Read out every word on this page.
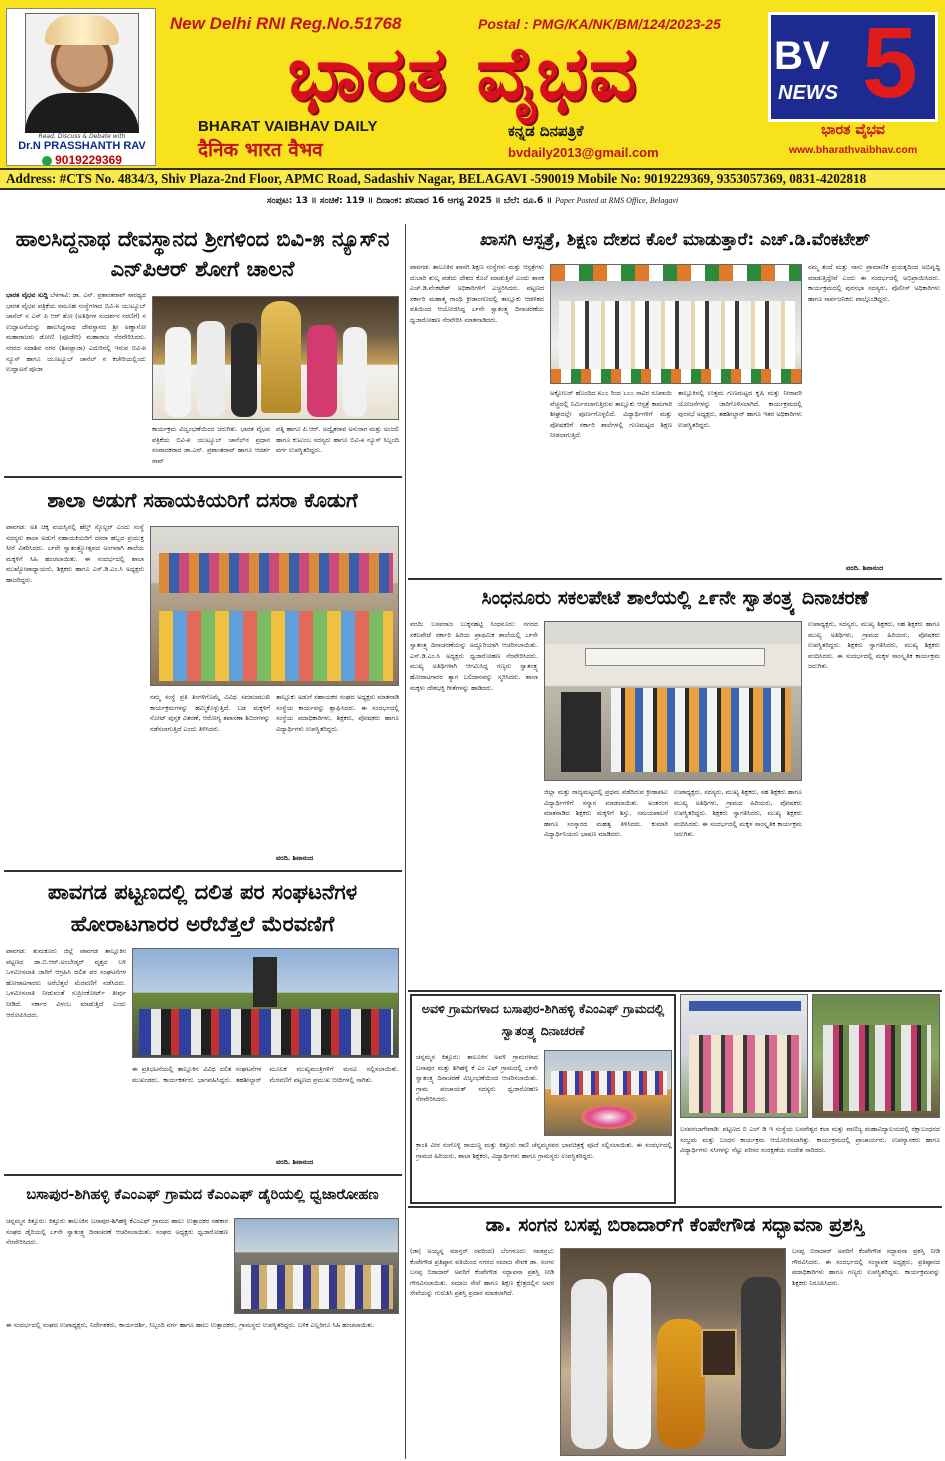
Read, Discuss & Debate with
Dr.N PRASSHANTH RAV
9019229369
New Delhi RNI Reg.No.51768	Postal : PMG/KA/NK/BM/124/2023-25
ಭಾರತ ವೈಭವ
BHARAT VAIBHAV DAILY
दैनिक भारत वैभव
ಕನ್ನಡ ದಿನಪತ್ರಿಕೆ
bvdaily2013@gmail.com
BV 5
NEWS
ಭಾರತ ವೈಭವ
www.bharathvaibhav.com
Address: #CTS No. 4834/3, Shiv Plaza-2nd Floor, APMC Road, Sadashiv Nagar, BELAGAVI -590019 Mobile No: 9019229369, 9353057369, 0831-4202818
ಸಂಪುಟ: 13 ॥ ಸಂಚಿಕೆ: 119 ॥ ದಿನಾಂಕ: ಶನಿವಾರ 16 ಆಗಸ್ಟ 2025 ॥ ಬೆಲೆ: ರೂ.6 ॥ Paper Posted at RMS Office, Belagavi
ಹಾಲಸಿದ್ದನಾಥ ದೇವಸ್ಥಾನದ ಶ್ರೀಗಳಿಂದ ಬಿವಿ-೫ ನ್ಯೂಸ್‌ನ ಎನ್‌ಪಿಆರ್ ಶೋಗೆ ಚಾಲನೆ
ಭಾರತ ವೈಭವ ಸುದ್ದಿ ಬೆಳಗಾವಿ: ಡಾ. ಎನ್. ಪ್ರಶಾಂತರಾವ್ ಸಾರಥ್ಯದ ಭಾರತ ವೈಭವ ಪತ್ರಿಕೆಯ ಸಮೂಹ ಸಂಸ್ಥೆಗಳಾದ ಬಿವಿ-೫ ಯುಟ್ಯೂಬ್ ಚಾನೆಲ್ ನ ಎನ್ ಪಿ ಆರ್ ಶೋ (ಅತಿಥಿಗಳ ಸಂದರ್ಶನ ಸರಣಿಗೆ) ನ ಉದ್ಘಾಟನೆಯನ್ನು ಹಾಲಸಿದ್ಧನಾಥ ದೇವಸ್ಥಾನದ ಶ್ರೀ ಅಣ್ಣಾಸೋ ಮಹಾರಾಜರು ಡೋಣಿ (ಪೂಜೇರಿ) ಮಹಾರಾಜ ನೆರವೇರಿಸಿದರು. ನಗರದ ಸದಾಶಿವ ನಗರ (ಶಿವಪ್ಲಾಜಾ) ಎದುರಿನಲ್ಲಿ ಇರುವ ಬಿವಿ-೫ ನ್ಯೂಸ್ ಹಾಗೂ ಯೂಟ್ಯೂಬ್ ಚಾನೆಲ್ ನ ಕಚೇರಿಯಲ್ಲಿಂದು ಉದ್ಘಾಟನೆ ಪೂಜಾ
ಕಾರ್ಯಕ್ರಮ ವಿಜೃಂಭಣೆಯಿಂದ ಜರುಗಿತು. ಭಾರತ ವೈಭವ ಪತ್ರಿಕೆಯ ಬಿವಿ-೫ ಯುಟ್ಯೂಬ್ ಚಾನೆಲ್‌ನ ಪ್ರಧಾನ ಸಂಪಾದಕರಾದ ಡಾ.ಎನ್. ಪ್ರಶಾಂತರಾವ್ ಹಾಗೂ ಆದರ್ಶ ರಾವ್
ಪತ್ನಿ ಹಾಗೂ ಪಿ.ಆರ್. ಅದ್ವೈತರಾವ ಅನುರಾಗ ಮತ್ತು ಅಂಜಲಿ ಹಾಗೂ ಕುಟುಂಬ ಸದಸ್ಯರು ಹಾಗೂ ಬಿವಿ-೫ ನ್ಯೂಸ್ ಸಿಬ್ಬಂದಿ ವರ್ಗ ಉಪಸ್ಥಿತರಿದ್ದರು.
ಶಾಲಾ ಅಡುಗೆ ಸಹಾಯಕಿಯರಿಗೆ ದಸರಾ ಕೊಡುಗೆ
ಪಾವಗಡ: ಅತಿ ಚಿಕ್ಕ ವಯಸ್ಸಿನಲ್ಲಿ ಹೆಲ್ತ್ ಸ್ಕೊಲ್ಟರ್ ಎಂದು ಸಂಸ್ಥೆ ಸದಸ್ಯರು ಶಾಲಾ ಅಡುಗೆ ಸಹಾಯಕಿಯರಿಗೆ ದಸರಾ ಹಬ್ಬದ ಪ್ರಯುಕ್ತ ಸೀರೆ ವಿತರಿಸಿದರು. ೭೯ನೇ ಸ್ವಾತಂತ್ರ್ಯೋತ್ಸವದ ಅಂಗವಾಗಿ ಶಾಲೆಯ ಮಕ್ಕಳಿಗೆ ಸಿಹಿ ಹಂಚಲಾಯಿತು. ಈ ಸಂದರ್ಭದಲ್ಲಿ ಶಾಲಾ ಮುಖ್ಯೋಪಾಧ್ಯಾಯರು, ಶಿಕ್ಷಕರು ಹಾಗೂ ಎಸ್.ಡಿ.ಎಂ.ಸಿ ಅಧ್ಯಕ್ಷರು ಹಾಜರಿದ್ದರು.
ನಮ್ಮ ಸಂಸ್ಥೆ ಪ್ರತಿ ತಿಂಗಳಿಗೊಮ್ಮೆ ವಿವಿಧ ಸಮಾಜಮುಖಿ ಕಾರ್ಯಕ್ರಮಗಳನ್ನು ಹಮ್ಮಿಕೊಳ್ಳುತ್ತಿದೆ. ಬಡ ಮಕ್ಕಳಿಗೆ ನೋಟ್ ಪುಸ್ತಕ ವಿತರಣೆ, ಆರೋಗ್ಯ ತಪಾಸಣಾ ಶಿಬಿರಗಳನ್ನು ನಡೆಸಲಾಗುತ್ತಿದೆ ಎಂದು ತಿಳಿಸಿದರು.
ತಾಲ್ಲೂಕು ಅಡುಗೆ ಸಹಾಯಕರ ಸಂಘದ ಅಧ್ಯಕ್ಷರು ಮಾತನಾಡಿ ಸಂಸ್ಥೆಯ ಕಾರ್ಯವನ್ನು ಶ್ಲಾಘಿಸಿದರು. ಈ ಸಂದರ್ಭದಲ್ಲಿ ಸಂಸ್ಥೆಯ ಪದಾಧಿಕಾರಿಗಳು, ಶಿಕ್ಷಕರು, ಪೋಷಕರು ಹಾಗೂ ವಿದ್ಯಾರ್ಥಿಗಳು ಉಪಸ್ಥಿತರಿದ್ದರು.
ವರದಿ. ಶಿವಾನಂದ
ಪಾವಗಡ ಪಟ್ಟಣದಲ್ಲಿ ದಲಿತ ಪರ ಸಂಘಟನೆಗಳ ಹೋರಾಟಗಾರರ ಅರೆಬೆತ್ತಲೆ ಮೆರವಣಿಗೆ
ಪಾವಗಡ: ತುಮಕೂರು ಜಿಲ್ಲೆ ಪಾವಗಡ ತಾಲ್ಲೂಕಿನ ಪಟ್ಟಣದ ಡಾ.ಬಿ.ಆರ್.ಅಂಬೇಡ್ಕರ್ ವೃತ್ತದ ಬಳಿ ಒಳಮೀಸಲಾತಿ ಜಾರಿಗೆ ಆಗ್ರಹಿಸಿ ದಲಿತ ಪರ ಸಂಘಟನೆಗಳ ಹೋರಾಟಗಾರರು ಅರೆಬೆತ್ತಲೆ ಮೆರವಣಿಗೆ ನಡೆಸಿದರು. ಒಳಮೀಸಲಾತಿ ನೀಡುವಂತೆ ಸುಪ್ರೀಂಕೋರ್ಟ್ ತೀರ್ಪು ನೀಡಿದೆ. ಸರ್ಕಾರ ವಿಳಂಬ ಮಾಡುತ್ತಿದೆ ಎಂದು ಆರೋಪಿಸಿದರು.
ಈ ಪ್ರತಿಭಟನೆಯಲ್ಲಿ ತಾಲ್ಲೂಕಿನ ವಿವಿಧ ದಲಿತ ಸಂಘಟನೆಗಳ ಮುಖಂಡರು, ಕಾರ್ಯಕರ್ತರು ಭಾಗವಹಿಸಿದ್ದರು. ತಹಶೀಲ್ದಾರ್ ಮೂಲಕ ಮುಖ್ಯಮಂತ್ರಿಗಳಿಗೆ ಮನವಿ ಸಲ್ಲಿಸಲಾಯಿತು. ಮೆರವಣಿಗೆ ಪಟ್ಟಣದ ಪ್ರಮುಖ ಬೀದಿಗಳಲ್ಲಿ ಸಾಗಿತು.
ವರದಿ. ಶಿವಾನಂದ
ಬಸಾಪುರ-ಶಿಗಿಹಳ್ಳಿ ಕೆಎಂಎಫ್ ಗ್ರಾಮದ ಕೆಎಂಎಫ್ ಡೈರಿಯಲ್ಲಿ ಧ್ವಜಾರೋಹಣ
ಚನ್ನಮ್ಮನ ಕಿತ್ತೂರು: ಕಿತ್ತೂರು ತಾಲೂಕಿನ ಬಸಾಪುರ-ಶಿಗಿಹಳ್ಳಿ ಕೆಎಂಎಫ್ ಗ್ರಾಮದ ಹಾಲು ಉತ್ಪಾದಕರ ಸಹಕಾರ ಸಂಘದ ಡೈರಿಯಲ್ಲಿ ೭೯ನೇ ಸ್ವಾತಂತ್ರ್ಯ ದಿನಾಚರಣೆ ಆಚರಿಸಲಾಯಿತು. ಸಂಘದ ಅಧ್ಯಕ್ಷರು ಧ್ವಜಾರೋಹಣ ನೆರವೇರಿಸಿದರು.
ಈ ಸಂದರ್ಭದಲ್ಲಿ ಸಂಘದ ಉಪಾಧ್ಯಕ್ಷರು, ನಿರ್ದೇಶಕರು, ಕಾರ್ಯದರ್ಶಿ, ಸಿಬ್ಬಂದಿ ವರ್ಗ ಹಾಗೂ ಹಾಲು ಉತ್ಪಾದಕರು, ಗ್ರಾಮಸ್ಥರು ಉಪಸ್ಥಿತರಿದ್ದರು. ಬಳಿಕ ಎಲ್ಲರಿಗೂ ಸಿಹಿ ಹಂಚಲಾಯಿತು.
ಖಾಸಗಿ ಆಸ್ಪತ್ರೆ, ಶಿಕ್ಷಣ ದೇಶದ ಕೊಲೆ ಮಾಡುತ್ತಾರೆ: ಎಚ್.ಡಿ.ವೆಂಕಟೇಶ್
ಪಾವಗಡ: ತಾಲೂಕಿನ ಖಾಸಗಿ ಶಿಕ್ಷಣ ಸಂಸ್ಥೆಗಳು ಮತ್ತು ಆಸ್ಪತ್ರೆಗಳು ದುಬಾರಿ ಶುಲ್ಕ ಪಡೆದು ದೇಶದ ಕೊಲೆ ಮಾಡುತ್ತಿವೆ ಎಂದು ಶಾಸಕ ಎಚ್.ಡಿ.ವೆಂಕಟೇಶ್ ಅಧಿಕಾರಿಗಳಿಗೆ ಎಚ್ಚರಿಸಿದರು. ಪಟ್ಟಣದ ಸರ್ಕಾರಿ ಮಹಾತ್ಮ ಗಾಂಧಿ ಕ್ರೀಡಾಂಗಣದಲ್ಲಿ ತಾಲ್ಲೂಕು ಆಡಳಿತದ ವತಿಯಿಂದ ಆಯೋಜಿಸಿದ್ದ ೭೯ನೇ ಸ್ವಾತಂತ್ರ್ಯ ದಿನಾಚರಣೆಯ ಧ್ವಜಾರೋಹಣ ನೆರವೇರಿಸಿ ಮಾತನಾಡಿದರು.
ಅಕ್ಟೋಬರ್ ಹೊಂದಿದ ೫೦೦ ರಿಂದ ೬೦೦ ಸಾವಿರ ರೂಪಾಯಿ ವೆಚ್ಚದಲ್ಲಿ ನಿರ್ಮಿಸಲಾಗುತ್ತಿರುವ ತಾಲ್ಲೂಕು ಆಸ್ಪತ್ರೆ ಕಾಮಗಾರಿ ಶೀಘ್ರದಲ್ಲೇ ಪೂರ್ಣಗೊಳ್ಳಲಿದೆ. ವಿದ್ಯಾರ್ಥಿಗಳಿಗೆ ಮತ್ತು ಪೋಷಕರಿಗೆ ಸರ್ಕಾರಿ ಶಾಲೆಗಳಲ್ಲಿ ಗುಣಮಟ್ಟದ ಶಿಕ್ಷಣ ನೀಡಲಾಗುತ್ತಿದೆ.
ತಾಲ್ಲೂಕಿನಲ್ಲಿ ಉತ್ತಮ ಗುಣಮಟ್ಟದ ಕೃಷಿ ಮತ್ತು ನೀರಾವರಿ ಯೋಜನೆಗಳನ್ನು ಜಾರಿಗೊಳಿಸಲಾಗಿದೆ. ಕಾರ್ಯಕ್ರಮದಲ್ಲಿ ಪುರಸಭೆ ಅಧ್ಯಕ್ಷರು, ತಹಶೀಲ್ದಾರ್ ಹಾಗೂ ಇತರ ಅಧಿಕಾರಿಗಳು ಉಪಸ್ಥಿತರಿದ್ದರು.
ನಮ್ಮ ತಂದೆ ಮತ್ತು ನಾನು ಪ್ರಾಮಾಣಿಕ ಪ್ರಯತ್ನದಿಂದ ಅಭಿವೃದ್ಧಿ ಮಾಡುತ್ತಿದ್ದೇವೆ ಎಂದು ಈ ಸಂದರ್ಭದಲ್ಲಿ ಅಭಿಪ್ರಾಯಿಸಿದರು. ಕಾರ್ಯಕ್ರಮದಲ್ಲಿ ಪುರಸಭಾ ಸದಸ್ಯರು, ಪೊಲೀಸ್ ಅಧಿಕಾರಿಗಳು ಹಾಗೂ ಸಾರ್ವಜನಿಕರು ಪಾಲ್ಗೊಂಡಿದ್ದರು.
ವರದಿ. ಶಿವಾನಂದ
ಸಿಂಧನೂರು ಸಕಲಪೇಟೆ ಶಾಲೆಯಲ್ಲಿ ೭೯ನೇ ಸ್ವಾತಂತ್ರ್ಯ ದಿನಾಚರಣೆ
ವರದಿ: ಬಸವರಾಜ ಬುಕ್ಕನಹಟ್ಟಿ ಸಿಂಧನೂರು: ನಗರದ ಸಕಲಪೇಟೆ ಸರ್ಕಾರಿ ಹಿರಿಯ ಪ್ರಾಥಮಿಕ ಶಾಲೆಯಲ್ಲಿ ೭೯ನೇ ಸ್ವಾತಂತ್ರ್ಯ ದಿನಾಚರಣೆಯನ್ನು ಅದ್ದೂರಿಯಾಗಿ ಆಚರಿಸಲಾಯಿತು. ಎಸ್.ಡಿ.ಎಂ.ಸಿ ಅಧ್ಯಕ್ಷರು ಧ್ವಜಾರೋಹಣ ನೆರವೇರಿಸಿದರು. ಮುಖ್ಯ ಅತಿಥಿಗಳಾಗಿ ಆಗಮಿಸಿದ್ದ ಗಣ್ಯರು ಸ್ವಾತಂತ್ರ್ಯ ಹೋರಾಟಗಾರರ ತ್ಯಾಗ ಬಲಿದಾನವನ್ನು ಸ್ಮರಿಸಿದರು. ಶಾಲಾ ಮಕ್ಕಳು ದೇಶಭಕ್ತಿ ಗೀತೆಗಳನ್ನು ಹಾಡಿದರು.
ಜಿಲ್ಲಾ ಮತ್ತು ರಾಜ್ಯಮಟ್ಟದಲ್ಲಿ ಪ್ರಥಮ ಪಡೆದಿರುವ ಕ್ರೀಡಾಪಟು ವಿದ್ಯಾರ್ಥಿಗಳಿಗೆ ಸನ್ಮಾನ ಮಾಡಲಾಯಿತು. ಅಂತರಂಗ ಮಾತನಾಡಿದ ಶಿಕ್ಷಕರು ಮಕ್ಕಳಿಗೆ ಶಿಸ್ತು, ಸಮಯಪಾಲನೆ ಹಾಗೂ ಸಂಸ್ಕಾರದ ಮಹತ್ವ ತಿಳಿಸಿದರು. ಕುಮಾರಿ ವಿದ್ಯಾರ್ಥಿನಿಯರು ಭಾಷಣ ಮಾಡಿದರು.
ಉಪಾಧ್ಯಕ್ಷರು, ಸದಸ್ಯರು, ಮುಖ್ಯ ಶಿಕ್ಷಕರು, ಸಹ ಶಿಕ್ಷಕರು ಹಾಗೂ ಮುಖ್ಯ ಅತಿಥಿಗಳು, ಗ್ರಾಮದ ಹಿರಿಯರು, ಪೋಷಕರು ಉಪಸ್ಥಿತರಿದ್ದರು. ಶಿಕ್ಷಕರು ಸ್ವಾಗತಿಸಿದರು, ಮುಖ್ಯ ಶಿಕ್ಷಕರು ವಂದಿಸಿದರು. ಈ ಸಂದರ್ಭದಲ್ಲಿ ಮಕ್ಕಳ ಸಾಂಸ್ಕೃತಿಕ ಕಾರ್ಯಕ್ರಮ ಜರುಗಿತು.
ಉಪಾಧ್ಯಕ್ಷರು, ಸದಸ್ಯರು, ಮುಖ್ಯ ಶಿಕ್ಷಕರು, ಸಹ ಶಿಕ್ಷಕರು ಹಾಗೂ ಮುಖ್ಯ ಅತಿಥಿಗಳು, ಗ್ರಾಮದ ಹಿರಿಯರು, ಪೋಷಕರು ಉಪಸ್ಥಿತರಿದ್ದರು. ಶಿಕ್ಷಕರು ಸ್ವಾಗತಿಸಿದರು, ಮುಖ್ಯ ಶಿಕ್ಷಕರು ವಂದಿಸಿದರು. ಈ ಸಂದರ್ಭದಲ್ಲಿ ಮಕ್ಕಳ ಸಾಂಸ್ಕೃತಿಕ ಕಾರ್ಯಕ್ರಮ ಜರುಗಿತು.
ಅವಳಿ ಗ್ರಾಮಗಳಾದ ಬಸಾಪುರ-ಶಿಗಿಹಳ್ಳಿ ಕೆಎಂಎಫ್ ಗ್ರಾಮದಲ್ಲಿ ಸ್ವಾತಂತ್ರ್ಯ ದಿನಾಚರಣೆ
ಚನ್ನಮ್ಮನ ಕಿತ್ತೂರು: ತಾಲೂಕಿನ ಅವಳಿ ಗ್ರಾಮಗಳಾದ ಬಸಾಪುರ ಮತ್ತು ಶಿಗಿಹಳ್ಳಿ ಕೆ ಎಂ ಎಫ್ ಗ್ರಾಮದಲ್ಲಿ ೭೯ನೇ ಸ್ವಾತಂತ್ರ್ಯ ದಿನಾಚರಣೆ ವಿಜೃಂಭಣೆಯಿಂದ ಆಚರಿಸಲಾಯಿತು. ಗ್ರಾಮ ಪಂಚಾಯತ್ ಸದಸ್ಯರು ಧ್ವಜಾರೋಹಣ ನೆರವೇರಿಸಿದರು.
ಕ್ರಾಂತಿ ವೀರ ಸಂಗೊಳ್ಳಿ ರಾಯಣ್ಣ ಮತ್ತು ಕಿತ್ತೂರು ರಾಣಿ ಚೆನ್ನಮ್ಮನವರ ಭಾವಚಿತ್ರಕ್ಕೆ ಪೂಜೆ ಸಲ್ಲಿಸಲಾಯಿತು. ಈ ಸಂದರ್ಭದಲ್ಲಿ ಗ್ರಾಮದ ಹಿರಿಯರು, ಶಾಲಾ ಶಿಕ್ಷಕರು, ವಿದ್ಯಾರ್ಥಿಗಳು ಹಾಗೂ ಗ್ರಾಮಸ್ಥರು ಉಪಸ್ಥಿತರಿದ್ದರು.
ಬಸವನಬಾಗೇವಾಡಿ: ಪಟ್ಟಣದ ಬಿ ಎಲ್ ಡಿ ಇ ಸಂಸ್ಥೆಯ ಬಸವೇಶ್ವರ ಕಲಾ ಮತ್ತು ವಾಣಿಜ್ಯ ಮಹಾವಿದ್ಯಾಲಯದಲ್ಲಿ ರಕ್ಷಾಬಂಧನದ ಸಂಭ್ರಮ ಮತ್ತು ಬಂಧನ ಕಾರ್ಯಕ್ರಮ ಆಯೋಜಿಸಲಾಗಿತ್ತು. ಕಾರ್ಯಕ್ರಮದಲ್ಲಿ ಪ್ರಾಚಾರ್ಯರು, ಉಪನ್ಯಾಸಕರು ಹಾಗೂ ವಿದ್ಯಾರ್ಥಿಗಳು ಸಸಿಗಳನ್ನು ನೆಟ್ಟು ಪರಿಸರ ಸಂರಕ್ಷಣೆಯ ಸಂದೇಶ ಸಾರಿದರು.
ಡಾ. ಸಂಗನ ಬಸಪ್ಪ ಬಿರಾದಾರ್‌ಗೆ ಕೆಂಪೇಗೌಡ ಸದ್ಭಾವನಾ ಪ್ರಶಸ್ತಿ
(ಡಾ| ಅಯ್ಯನ್ನ ಮಾಸ್ತರ್ ರವರಿಂದ) ಬೆಂಗಳೂರು: ನಾಡಪ್ರಭು ಕೆಂಪೇಗೌಡ ಪ್ರತಿಷ್ಠಾನ ವತಿಯಿಂದ ನಗರದ ಸಮಾಜ ಸೇವಕ ಡಾ. ಸಂಗನ ಬಸಪ್ಪ ಬಿರಾದಾರ್ ಅವರಿಗೆ ಕೆಂಪೇಗೌಡ ಸದ್ಭಾವನಾ ಪ್ರಶಸ್ತಿ ನೀಡಿ ಗೌರವಿಸಲಾಯಿತು. ಸಮಾಜ ಸೇವೆ ಹಾಗೂ ಶಿಕ್ಷಣ ಕ್ಷೇತ್ರದಲ್ಲಿನ ಅವರ ಸೇವೆಯನ್ನು ಗುರುತಿಸಿ ಪ್ರಶಸ್ತಿ ಪ್ರದಾನ ಮಾಡಲಾಗಿದೆ.
ಬಸಪ್ಪ ಬಿರಾದಾರ್ ಅವರಿಗೆ ಕೆಂಪೇಗೌಡ ಸದ್ಭಾವನಾ ಪ್ರಶಸ್ತಿ ನೀಡಿ ಗೌರವಿಸಿದರು. ಈ ಸಂದರ್ಭದಲ್ಲಿ ಸಂಸ್ಥಾಪಕ ಅಧ್ಯಕ್ಷರು, ಪ್ರತಿಷ್ಠಾನದ ಪದಾಧಿಕಾರಿಗಳು ಹಾಗೂ ಗಣ್ಯರು ಉಪಸ್ಥಿತರಿದ್ದರು. ಕಾರ್ಯಕ್ರಮವನ್ನು ಶಿಕ್ಷಕರು ನಿರೂಪಿಸಿದರು.
